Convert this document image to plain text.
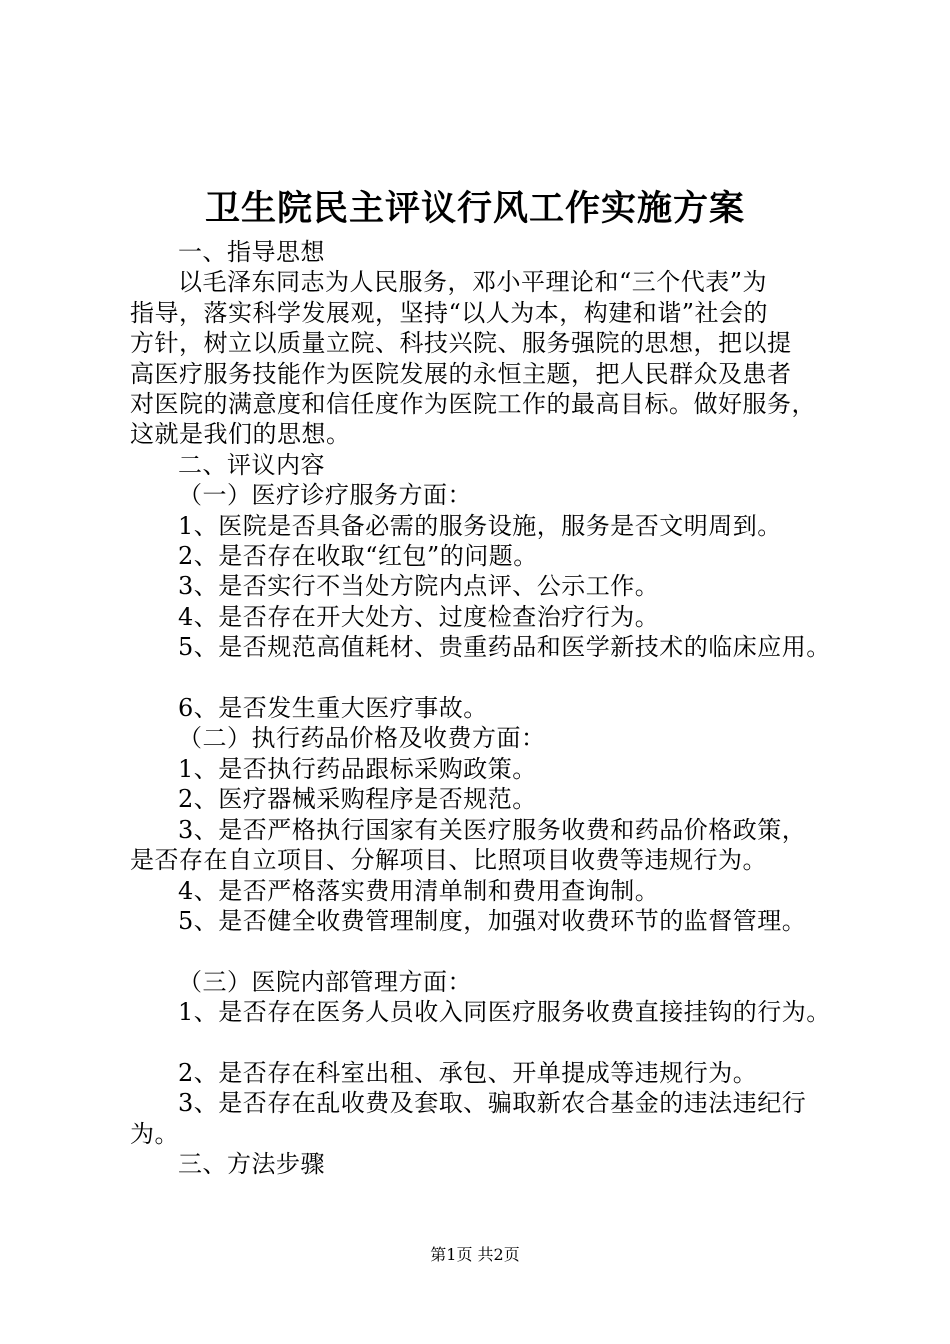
卫生院民主评议行风工作实施方案

一、指导思想

以毛泽东同志为人民服务，邓小平理论和“三个代表”为

指导，落实科学发展观，坚持“以人为本，构建和谐”社会的

方针，树立以质量立院、科技兴院、服务强院的思想，把以提

高医疗服务技能作为医院发展的永恒主题，把人民群众及患者

对医院的满意度和信任度作为医院工作的最高目标。做好服务，

这就是我们的思想。

二、评议内容

（一）医疗诊疗服务方面：

1、医院是否具备必需的服务设施，服务是否文明周到。

2、是否存在收取“红包”的问题。

3、是否实行不当处方院内点评、公示工作。

4、是否存在开大处方、过度检查治疗行为。

5、是否规范高值耗材、贵重药品和医学新技术的临床应用。

6、是否发生重大医疗事故。

（二）执行药品价格及收费方面：

1、是否执行药品跟标采购政策。

2、医疗器械采购程序是否规范。

3、是否严格执行国家有关医疗服务收费和药品价格政策，

是否存在自立项目、分解项目、比照项目收费等违规行为。

4、是否严格落实费用清单制和费用查询制。

5、是否健全收费管理制度，加强对收费环节的监督管理。

（三）医院内部管理方面：

1、是否存在医务人员收入同医疗服务收费直接挂钩的行为。

2、是否存在科室出租、承包、开单提成等违规行为。

3、是否存在乱收费及套取、骗取新农合基金的违法违纪行

为。

三、方法步骤

第1页 共2页
